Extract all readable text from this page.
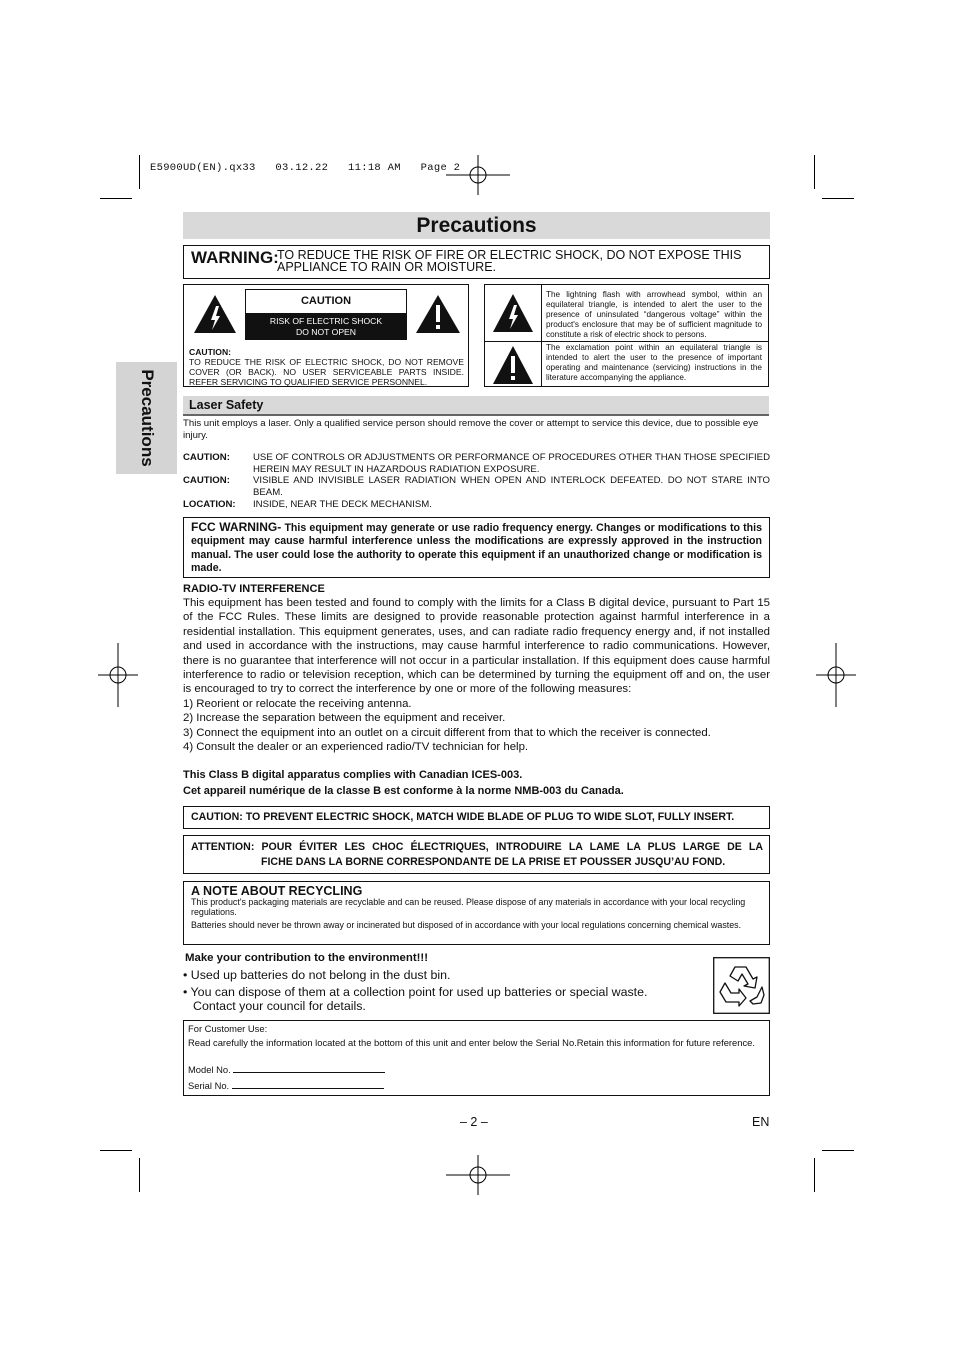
E5900UD(EN).qx33   03.12.22   11:18 AM   Page 2
Precautions
Precautions
WARNING:
TO REDUCE THE RISK OF FIRE OR ELECTRIC SHOCK, DO NOT EXPOSE THIS
APPLIANCE TO RAIN OR MOISTURE.
CAUTION
RISK OF ELECTRIC SHOCK
DO NOT OPEN
CAUTION:
TO REDUCE THE RISK OF ELECTRIC SHOCK, DO NOT REMOVE COVER (OR BACK). NO USER SERVICEABLE PARTS INSIDE. REFER SERVICING TO QUALIFIED SERVICE PERSONNEL.
The lightning flash with arrowhead symbol, within an equilateral triangle, is intended to alert the user to the presence of uninsulated “dangerous voltage” within the product's enclosure that may be of sufficient magnitude to constitute a risk of electric shock to persons.
The exclamation point within an equilateral triangle is intended to alert the user to the presence of important operating and maintenance (servicing) instructions in the literature accompanying the appliance.
Laser Safety
This unit employs a laser. Only a qualified service person should remove the cover or attempt to service this device, due to possible eye injury.
CAUTION: USE OF CONTROLS OR ADJUSTMENTS OR PERFORMANCE OF PROCEDURES OTHER THAN THOSE SPECIFIED HEREIN MAY RESULT IN HAZARDOUS RADIATION EXPOSURE.
CAUTION: VISIBLE AND INVISIBLE LASER RADIATION WHEN OPEN AND INTERLOCK DEFEATED. DO NOT STARE INTO BEAM.
LOCATION: INSIDE, NEAR THE DECK MECHANISM.
FCC WARNING- This equipment may generate or use radio frequency energy. Changes or modifications to this equipment may cause harmful interference unless the modifications are expressly approved in the instruction manual. The user could lose the authority to operate this equipment if an unauthorized change or modification is made.
RADIO-TV INTERFERENCE
This equipment has been tested and found to comply with the limits for a Class B digital device, pursuant to Part 15 of the FCC Rules. These limits are designed to provide reasonable protection against harmful interference in a residential installation. This equipment generates, uses, and can radiate radio frequency energy and, if not installed and used in accordance with the instructions, may cause harmful interference to radio communications. However, there is no guarantee that interference will not occur in a particular installation. If this equipment does cause harmful interference to radio or television reception, which can be determined by turning the equipment off and on, the user is encouraged to try to correct the interference by one or more of the following measures:
1) Reorient or relocate the receiving antenna.
2) Increase the separation between the equipment and receiver.
3) Connect the equipment into an outlet on a circuit different from that to which the receiver is connected.
4) Consult the dealer or an experienced radio/TV technician for help.
This Class B digital apparatus complies with Canadian ICES-003.
Cet appareil numérique de la classe B est conforme à la norme NMB-003 du Canada.
CAUTION: TO PREVENT ELECTRIC SHOCK, MATCH WIDE BLADE OF PLUG TO WIDE SLOT, FULLY INSERT.
ATTENTION: POUR ÉVITER LES CHOC ÉLECTRIQUES, INTRODUIRE LA LAME LA PLUS LARGE DE LA
FICHE DANS LA BORNE CORRESPONDANTE DE LA PRISE ET POUSSER JUSQU’AU FOND.
A NOTE ABOUT RECYCLING
This product's packaging materials are recyclable and can be reused. Please dispose of any materials in accordance with your local recycling regulations.
Batteries should never be thrown away or incinerated but disposed of in accordance with your local regulations concerning chemical wastes.
Make your contribution to the environment!!!
• Used up batteries do not belong in the dust bin.
• You can dispose of them at a collection point for used up batteries or special waste.
Contact your council for details.
For Customer Use:
Read carefully the information located at the bottom of this unit and enter below the Serial No.Retain this information for future reference.
Model No.
Serial No.
– 2 –	EN
